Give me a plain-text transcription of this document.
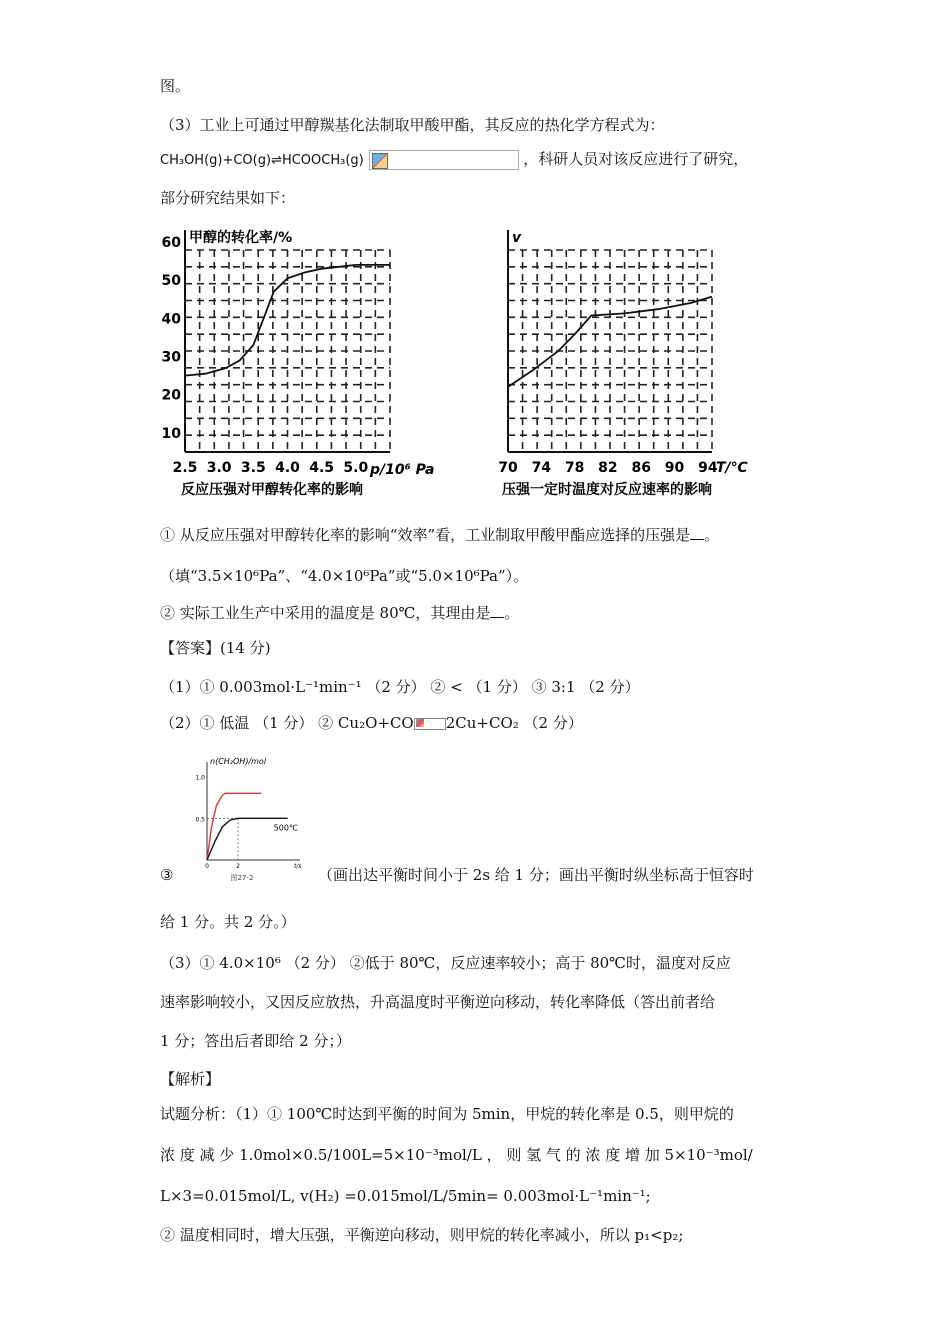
图。
（3）工业上可通过甲醇羰基化法制取甲酸甲酯，其反应的热化学方程式为：
CH₃OH(g)+CO(g)⇌HCOOCH₃(g)	，科研人员对该反应进行了研究，
部分研究结果如下：
甲醇的转化率/%
10
20
30
40
50
60
2.5 3.0 3.5 4.0 4.5 5.0 p/10⁶ Pa
反应压强对甲醇转化率的影响
v
70 74 78 82 86 90 94
T/℃
压强一定时温度对反应速率的影响
① 从反应压强对甲醇转化率的影响“效率”看，工业制取甲酸甲酯应选择的压强是 。
（填“3.5×10⁶Pa”、“4.0×10⁶Pa”或“5.0×10⁶Pa”）。
② 实际工业生产中采用的温度是 80℃，其理由是 。
【答案】(14 分)
（1）① 0.003mol·L⁻¹min⁻¹ （2 分） ② < （1 分） ③ 3:1 （2 分）
（2）① 低温 （1 分） ② Cu₂O+CO 2Cu+CO₂ （2 分）
n(CH₃OH)/mol
0.5
1.0
0	2	t/s
500℃
图27-2
③	（画出达平衡时间小于 2s 给 1 分；画出平衡时纵坐标高于恒容时
给 1 分。共 2 分。）
（3）① 4.0×10⁶ （2 分） ②低于 80℃，反应速率较小；高于 80℃时，温度对反应
速率影响较小，又因反应放热，升高温度时平衡逆向移动，转化率降低（答出前者给
1 分；答出后者即给 2 分；）
【解析】
试题分析：（1）① 100℃时达到平衡的时间为 5min，甲烷的转化率是 0.5，则甲烷的
浓 度 减 少 1.0mol×0.5/100L=5×10⁻³mol/L ， 则 氢 气 的 浓 度 增 加 5×10⁻³mol/
L×3=0.015mol/L, v(H₂) =0.015mol/L/5min= 0.003mol·L⁻¹min⁻¹;
② 温度相同时，增大压强，平衡逆向移动，则甲烷的转化率减小，所以 p₁<p₂;
